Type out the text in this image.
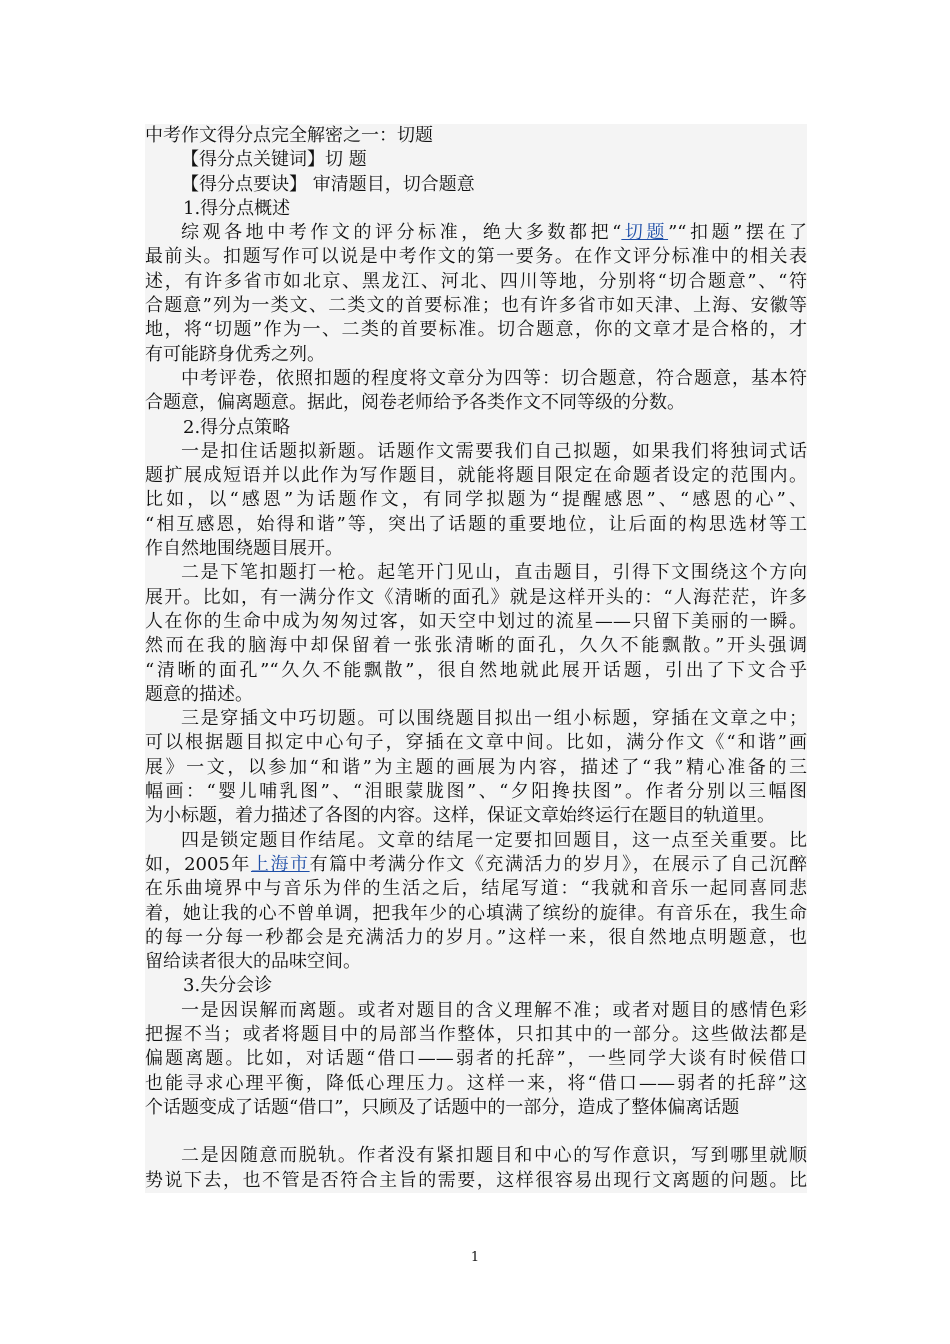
中考作文得分点完全解密之一：切题
【得分点关键词】切 题
【得分点要诀】 审清题目，切合题意
1.得分点概述
综观各地中考作文的评分标准，绝大多数都把“切题”“扣题”摆在了
最前头。扣题写作可以说是中考作文的第一要务。在作文评分标准中的相关表
述，有许多省市如北京、黑龙江、河北、四川等地，分别将“切合题意”、“符
合题意”列为一类文、二类文的首要标准；也有许多省市如天津、上海、安徽等
地，将“切题”作为一、二类的首要标准。切合题意，你的文章才是合格的，才
有可能跻身优秀之列。
中考评卷，依照扣题的程度将文章分为四等：切合题意，符合题意，基本符
合题意，偏离题意。据此，阅卷老师给予各类作文不同等级的分数。
2.得分点策略
一是扣住话题拟新题。话题作文需要我们自己拟题，如果我们将独词式话
题扩展成短语并以此作为写作题目，就能将题目限定在命题者设定的范围内。
比如，以“感恩”为话题作文，有同学拟题为“提醒感恩”、“感恩的心”、
“相互感恩，始得和谐”等，突出了话题的重要地位，让后面的构思选材等工
作自然地围绕题目展开。
二是下笔扣题打一枪。起笔开门见山，直击题目，引得下文围绕这个方向
展开。比如，有一满分作文《清晰的面孔》就是这样开头的：“人海茫茫，许多
人在你的生命中成为匆匆过客，如天空中划过的流星——只留下美丽的一瞬。
然而在我的脑海中却保留着一张张清晰的面孔，久久不能飘散。”开头强调
“清晰的面孔”“久久不能飘散”，很自然地就此展开话题，引出了下文合乎
题意的描述。
三是穿插文中巧切题。可以围绕题目拟出一组小标题，穿插在文章之中；
可以根据题目拟定中心句子，穿插在文章中间。比如，满分作文《“和谐”画
展》一文，以参加“和谐”为主题的画展为内容，描述了“我”精心准备的三
幅画：“婴儿哺乳图”、“泪眼蒙胧图”、“夕阳搀扶图”。作者分别以三幅图
为小标题，着力描述了各图的内容。这样，保证文章始终运行在题目的轨道里。
四是锁定题目作结尾。文章的结尾一定要扣回题目，这一点至关重要。比
如，2005年上海市有篇中考满分作文《充满活力的岁月》，在展示了自己沉醉
在乐曲境界中与音乐为伴的生活之后，结尾写道：“我就和音乐一起同喜同悲
着，她让我的心不曾单调，把我年少的心填满了缤纷的旋律。有音乐在，我生命
的每一分每一秒都会是充满活力的岁月。”这样一来，很自然地点明题意，也
留给读者很大的品味空间。
3.失分会诊
一是因误解而离题。或者对题目的含义理解不准；或者对题目的感情色彩
把握不当；或者将题目中的局部当作整体，只扣其中的一部分。这些做法都是
偏题离题。比如，对话题“借口——弱者的托辞”，一些同学大谈有时候借口
也能寻求心理平衡，降低心理压力。这样一来，将“借口——弱者的托辞”这
个话题变成了话题“借口”，只顾及了话题中的一部分，造成了整体偏离话题
二是因随意而脱轨。作者没有紧扣题目和中心的写作意识，写到哪里就顺
势说下去，也不管是否符合主旨的需要，这样很容易出现行文离题的问题。比
1
